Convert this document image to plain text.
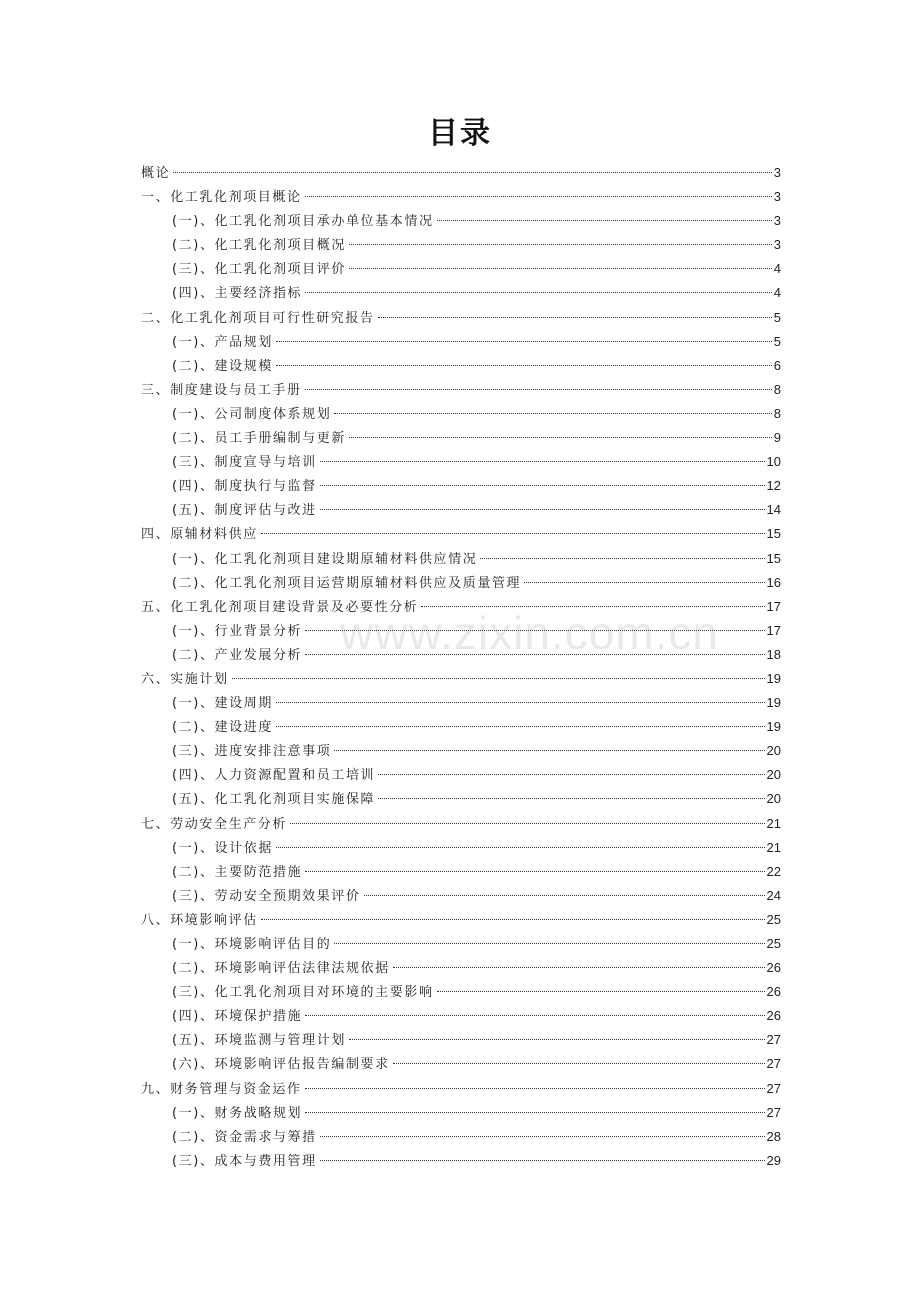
目录
概论	3
一、化工乳化剂项目概论	3
(一)、化工乳化剂项目承办单位基本情况	3
(二)、化工乳化剂项目概况	3
(三)、化工乳化剂项目评价	4
(四)、主要经济指标	4
二、化工乳化剂项目可行性研究报告	5
(一)、产品规划	5
(二)、建设规模	6
三、制度建设与员工手册	8
(一)、公司制度体系规划	8
(二)、员工手册编制与更新	9
(三)、制度宣导与培训	10
(四)、制度执行与监督	12
(五)、制度评估与改进	14
四、原辅材料供应	15
(一)、化工乳化剂项目建设期原辅材料供应情况	15
(二)、化工乳化剂项目运营期原辅材料供应及质量管理	16
五、化工乳化剂项目建设背景及必要性分析	17
(一)、行业背景分析	17
(二)、产业发展分析	18
六、实施计划	19
(一)、建设周期	19
(二)、建设进度	19
(三)、进度安排注意事项	20
(四)、人力资源配置和员工培训	20
(五)、化工乳化剂项目实施保障	20
七、劳动安全生产分析	21
(一)、设计依据	21
(二)、主要防范措施	22
(三)、劳动安全预期效果评价	24
八、环境影响评估	25
(一)、环境影响评估目的	25
(二)、环境影响评估法律法规依据	26
(三)、化工乳化剂项目对环境的主要影响	26
(四)、环境保护措施	26
(五)、环境监测与管理计划	27
(六)、环境影响评估报告编制要求	27
九、财务管理与资金运作	27
(一)、财务战略规划	27
(二)、资金需求与筹措	28
(三)、成本与费用管理	29
www.zixin.com.cn
